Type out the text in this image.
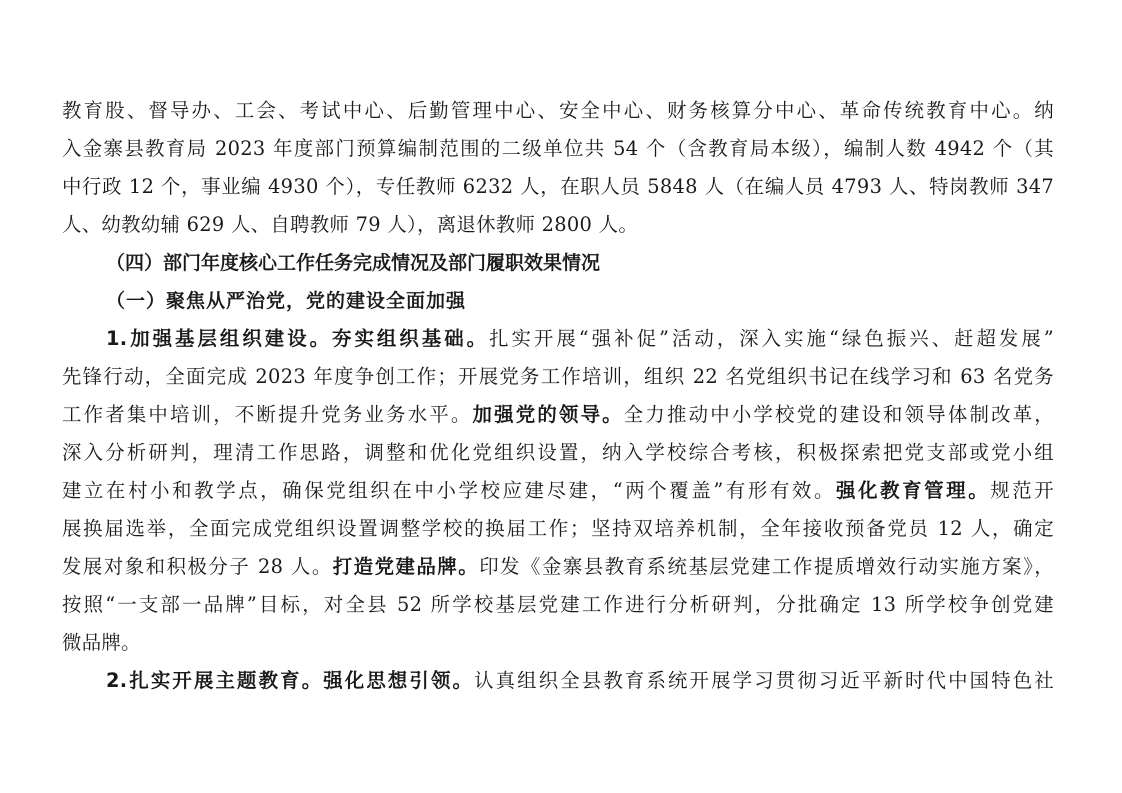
教育股、督导办、工会、考试中心、后勤管理中心、安全中心、财务核算分中心、革命传统教育中心。纳
入金寨县教育局 2023 年度部门预算编制范围的二级单位共 54 个（含教育局本级），编制人数 4942 个（其
中行政 12 个，事业编 4930 个），专任教师 6232 人，在职人员 5848 人（在编人员 4793 人、特岗教师 347
人、幼教幼辅 629 人、自聘教师 79 人），离退休教师 2800 人。
（四）部门年度核心工作任务完成情况及部门履职效果情况
（一）聚焦从严治党，党的建设全面加强
1.加强基层组织建设。夯实组织基础。扎实开展“强补促”活动，深入实施“绿色振兴、赶超发展”
先锋行动，全面完成 2023 年度争创工作；开展党务工作培训，组织 22 名党组织书记在线学习和 63 名党务
工作者集中培训，不断提升党务业务水平。加强党的领导。全力推动中小学校党的建设和领导体制改革，
深入分析研判，理清工作思路，调整和优化党组织设置，纳入学校综合考核，积极探索把党支部或党小组
建立在村小和教学点，确保党组织在中小学校应建尽建，“两个覆盖”有形有效。强化教育管理。规范开
展换届选举，全面完成党组织设置调整学校的换届工作；坚持双培养机制，全年接收预备党员 12 人，确定
发展对象和积极分子 28 人。打造党建品牌。印发《金寨县教育系统基层党建工作提质增效行动实施方案》，
按照“一支部一品牌”目标，对全县 52 所学校基层党建工作进行分析研判，分批确定 13 所学校争创党建
微品牌。
2.扎实开展主题教育。强化思想引领。认真组织全县教育系统开展学习贯彻习近平新时代中国特色社
